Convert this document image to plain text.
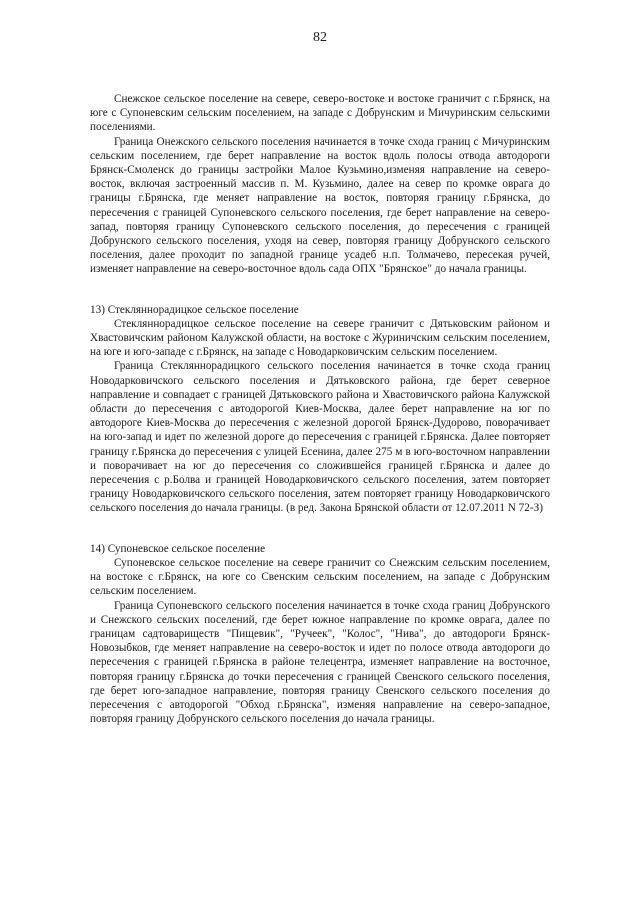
82

Снежское сельское поселение на севере, северо-востоке и востоке граничит с г.Брянск, на юге с Супоневским сельским поселением, на западе с Добрунским и Мичуринским сельскими поселениями.

Граница Онежского сельского поселения начинается в точке схода границ с Мичуринским сельским поселением, где берет направление на восток вдоль полосы отвода автодороги Брянск-Смоленск до границы застройки Малое Кузьмино,изменяя направление на северо-восток, включая застроенный массив п. М. Кузьмино, далее на север по кромке оврага до границы г.Брянска, где меняет направление на восток, повторяя границу г.Брянска, до пересечения с границей Супоневского сельского поселения, где берет направление на северо-запад, повторяя границу Супоневского сельского поселения, до пересечения с границей Добрунского сельского поселения, уходя на север, повторяя границу Добрунского сельского поселения, далее проходит по западной границе усадеб н.п. Толмачево, пересекая ручей, изменяет направление на северо-восточное вдоль сада ОПХ "Брянское" до начала границы.

13) Стекляннорадицкое сельское поселение

Стекляннорадицкое сельское поселение на севере граничит с Дятьковским районом и Хвастовичским районом Калужской области, на востоке с Журиничским сельским поселением, на юге и юго-западе с г.Брянск, на западе с Новодарковичским сельским поселением.

Граница Стекляннорадицкого сельского поселения начинается в точке схода границ Новодарковичского сельского поселения и Дятьковского района, где берет северное направление и совпадает с границей Дятьковского района и Хвастовичского района Калужской области до пересечения с автодорогой Киев-Москва, далее берет направление на юг по автодороге Киев-Москва до пересечения с железной дорогой Брянск-Дудорово, поворачивает на юго-запад и идет по железной дороге до пересечения с границей г.Брянска. Далее повторяет границу г.Брянска до пересечения с улицей Есенина, далее 275 м в юго-восточном направлении и поворачивает на юг до пересечения со сложившейся границей г.Брянска и далее до пересечения с р.Болва и границей Новодарковичского сельского поселения, затем повторяет границу Новодарковичского сельского поселения, затем повторяет границу Новодарковичского сельского поселения до начала границы. (в ред. Закона Брянской области от 12.07.2011 N 72-З)

14) Супоневское сельское поселение

Супоневское сельское поселение на севере граничит со Снежским сельским поселением, на востоке с г.Брянск, на юге со Свенским сельским поселением, на западе с Добрунским сельским поселением.

Граница Супоневского сельского поселения начинается в точке схода границ Добрунского и Снежского сельских поселений, где берет южное направление по кромке оврага, далее по границам садтовариществ "Пищевик", "Ручеек", "Колос", "Нива", до автодороги Брянск-Новозыбков, где меняет направление на северо-восток и идет по полосе отвода автодороги до пересечения с границей г.Брянска в районе телецентра, изменяет направление на восточное, повторяя границу г.Брянска до точки пересечения с границей Свенского сельского поселения, где берет юго-западное направление, повторяя границу Свенского сельского поселения до пересечения с автодорогой "Обход г.Брянска", изменяя направление на северо-западное, повторяя границу Добрунского сельского поселения до начала границы.
